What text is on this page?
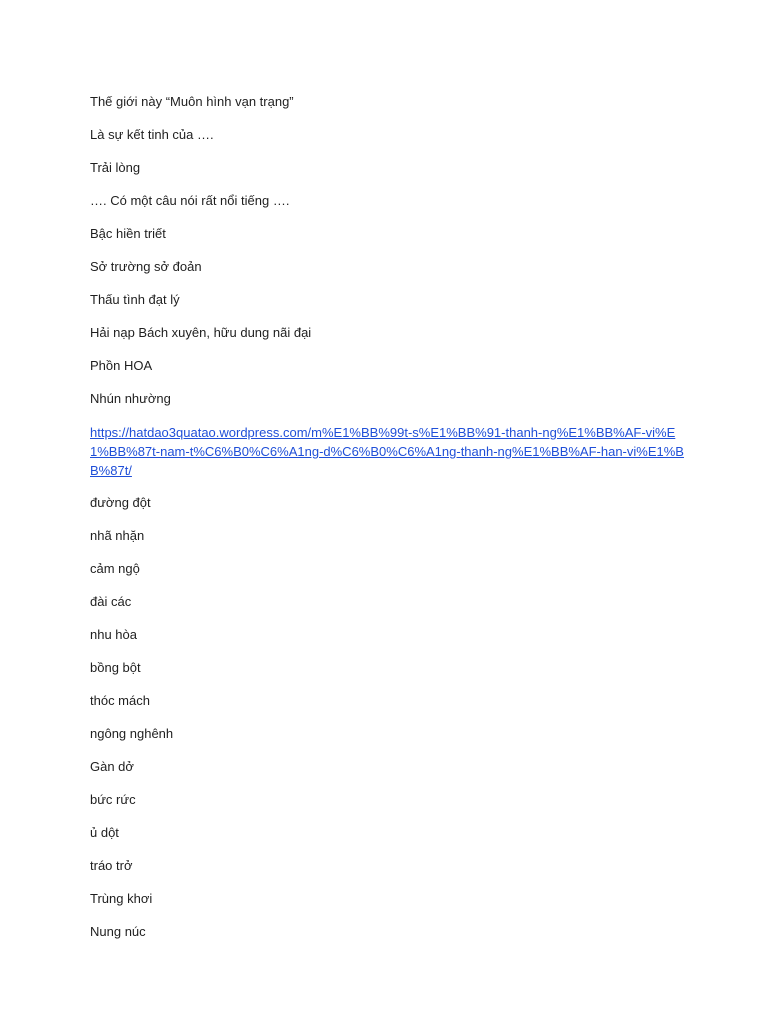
Thế giới này “Muôn hình vạn trạng”
Là sự kết tinh của ….
Trải lòng
…. Có một câu nói rất nổi tiếng ….
Bậc hiền triết
Sở trường sở đoản
Thấu tình đạt lý
Hải nạp Bách xuyên, hữu dung nãi đại
Phồn HOA
Nhún nhường
https://hatdao3quatao.wordpress.com/m%E1%BB%99t-s%E1%BB%91-thanh-ng%E1%BB%AF-vi%E1%BB%87t-nam-t%C6%B0%C6%A1ng-d%C6%B0%C6%A1ng-thanh-ng%E1%BB%AF-han-vi%E1%BB%87t/
đường đột
nhã nhặn
cảm ngộ
đài các
nhu hòa
bồng bột
thóc mách
ngông nghênh
Gàn dở
bức rức
ủ dột
tráo trở
Trùng khơi
Nung núc
